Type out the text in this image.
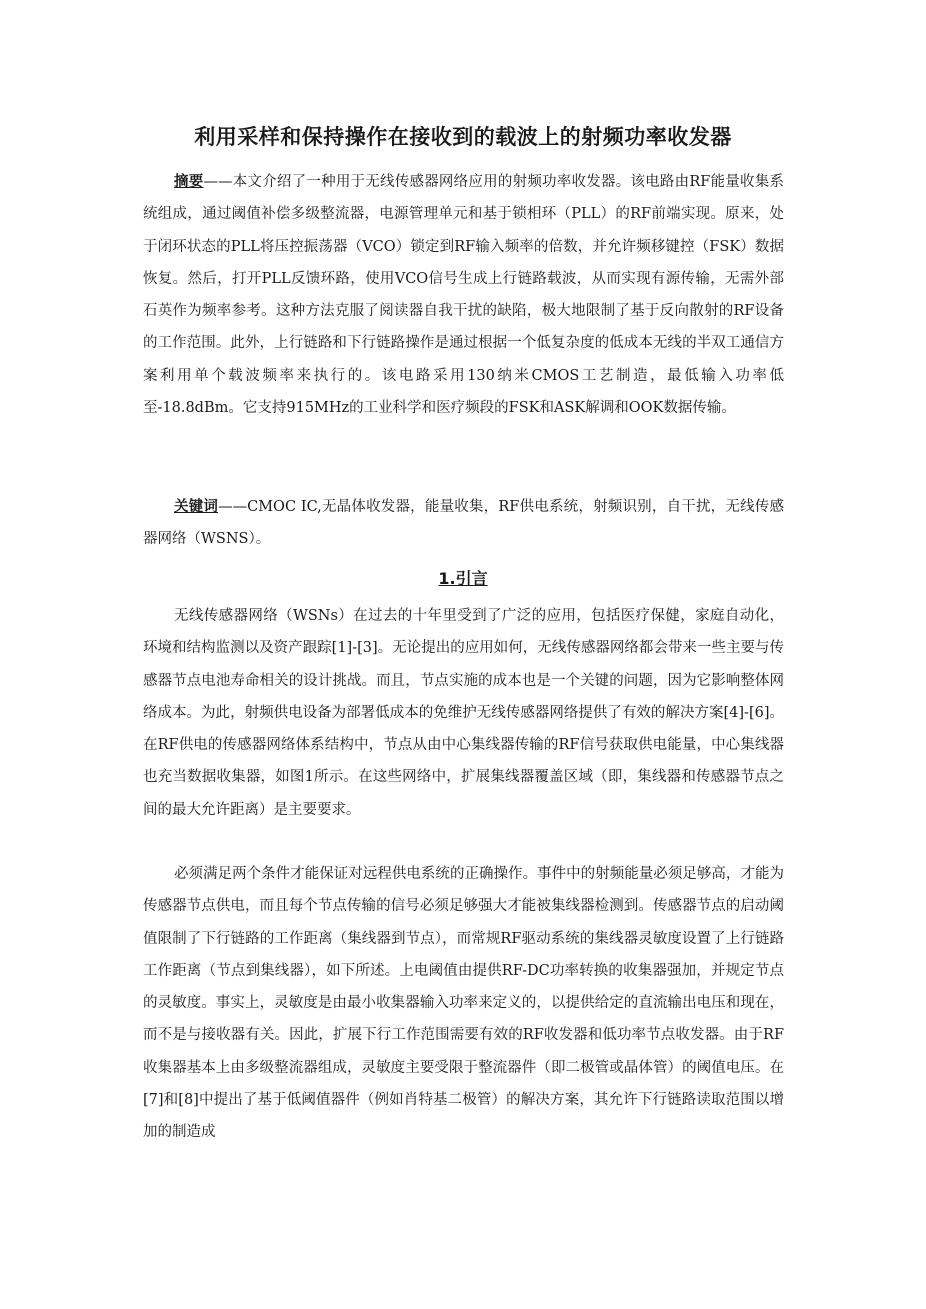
利用采样和保持操作在接收到的载波上的射频功率收发器

摘要——本文介绍了一种用于无线传感器网络应用的射频功率收发器。该电路由RF能量收集系统组成，通过阈值补偿多级整流器，电源管理单元和基于锁相环（PLL）的RF前端实现。原来，处于闭环状态的PLL将压控振荡器（VCO）锁定到RF输入频率的倍数，并允许频移键控（FSK）数据恢复。然后，打开PLL反馈环路，使用VCO信号生成上行链路载波，从而实现有源传输，无需外部石英作为频率参考。这种方法克服了阅读器自我干扰的缺陷，极大地限制了基于反向散射的RF设备的工作范围。此外，上行链路和下行链路操作是通过根据一个低复杂度的低成本无线的半双工通信方案利用单个载波频率来执行的。该电路采用130纳米CMOS工艺制造，最低输入功率低至-18.8dBm。它支持915MHz的工业科学和医疗频段的FSK和ASK解调和OOK数据传输。

关键词——CMOC IC,无晶体收发器，能量收集，RF供电系统，射频识别，自干扰，无线传感器网络（WSNS）。

1.引言

无线传感器网络（WSNs）在过去的十年里受到了广泛的应用，包括医疗保健，家庭自动化，环境和结构监测以及资产跟踪[1]-[3]。无论提出的应用如何，无线传感器网络都会带来一些主要与传感器节点电池寿命相关的设计挑战。而且，节点实施的成本也是一个关键的问题，因为它影响整体网络成本。为此，射频供电设备为部署低成本的免维护无线传感器网络提供了有效的解决方案[4]-[6]。在RF供电的传感器网络体系结构中，节点从由中心集线器传输的RF信号获取供电能量，中心集线器也充当数据收集器，如图1所示。在这些网络中，扩展集线器覆盖区域（即，集线器和传感器节点之间的最大允许距离）是主要要求。

必须满足两个条件才能保证对远程供电系统的正确操作。事件中的射频能量必须足够高，才能为传感器节点供电，而且每个节点传输的信号必须足够强大才能被集线器检测到。传感器节点的启动阈值限制了下行链路的工作距离（集线器到节点），而常规RF驱动系统的集线器灵敏度设置了上行链路工作距离（节点到集线器），如下所述。上电阈值由提供RF-DC功率转换的收集器强加，并规定节点的灵敏度。事实上，灵敏度是由最小收集器输入功率来定义的，以提供给定的直流输出电压和现在，而不是与接收器有关。因此，扩展下行工作范围需要有效的RF收发器和低功率节点收发器。由于RF收集器基本上由多级整流器组成，灵敏度主要受限于整流器件（即二极管或晶体管）的阈值电压。在[7]和[8]中提出了基于低阈值器件（例如肖特基二极管）的解决方案，其允许下行链路读取范围以增加的制造成
